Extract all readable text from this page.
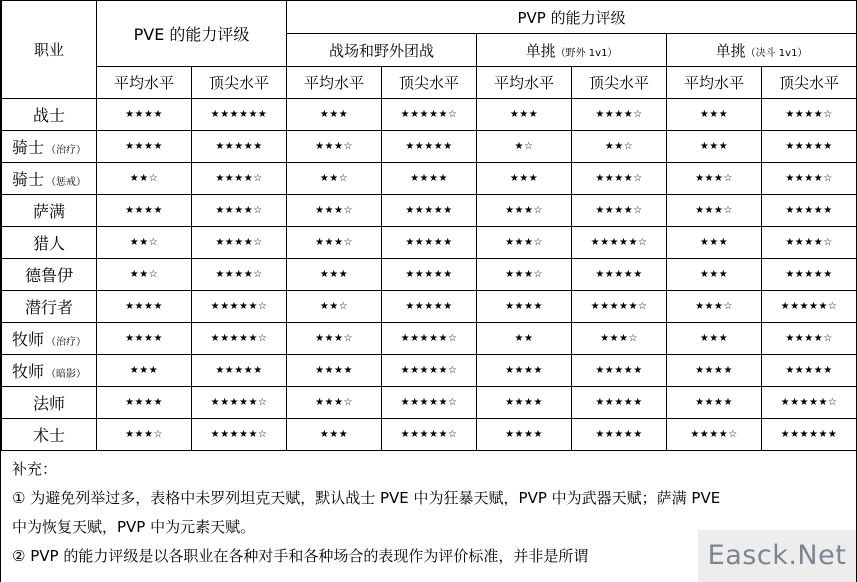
职业	PVE 的能力评级		PVP 的能力评级					
			战场和野外团战		单挑（野外 1v1）		单挑（决斗 1v1）	
	平均水平	顶尖水平	平均水平	顶尖水平	平均水平	顶尖水平	平均水平	顶尖水平
战士	★★★★	★★★★★★	★★★	★★★★★☆	★★★	★★★★☆	★★★	★★★★☆
骑士 （治疗）	★★★★	★★★★★	★★★☆	★★★★★	★☆	★★☆	★★★	★★★★★
骑士 （惩戒）	★★☆	★★★★☆	★★☆	★★★★	★★★	★★★★☆	★★★☆	★★★★☆
萨满	★★★★	★★★★☆	★★★☆	★★★★★	★★★☆	★★★★☆	★★★☆	★★★★★
猎人	★★☆	★★★★☆	★★★☆	★★★★★	★★★☆	★★★★★☆	★★★	★★★★☆
德鲁伊	★★☆	★★★★☆	★★★	★★★★★	★★★☆	★★★★★	★★★	★★★★★
潜行者	★★★★	★★★★★☆	★★☆	★★★★★	★★★★	★★★★★☆	★★★☆	★★★★★☆
牧师 （治疗）	★★★★	★★★★★☆	★★★☆	★★★★★☆	★★	★★★☆	★★★	★★★★☆
牧师 （暗影）	★★★	★★★★★	★★★★	★★★★★☆	★★★★	★★★★★	★★★★	★★★★★
法师	★★★★	★★★★★☆	★★★☆	★★★★★☆	★★★★	★★★★★	★★★★	★★★★★☆
术士	★★★☆	★★★★★☆	★★★	★★★★★☆	★★★★	★★★★★	★★★★☆	★★★★★★
补充：
① 为避免列举过多，表格中未罗列坦克天赋，默认战士 PVE 中为狂暴天赋，PVP 中为武器天赋；萨满 PVE
中为恢复天赋，PVP 中为元素天赋。
② PVP 的能力评级是以各职业在各种对手和各种场合的表现作为评价标准，并非是所谓	Easck.Net
